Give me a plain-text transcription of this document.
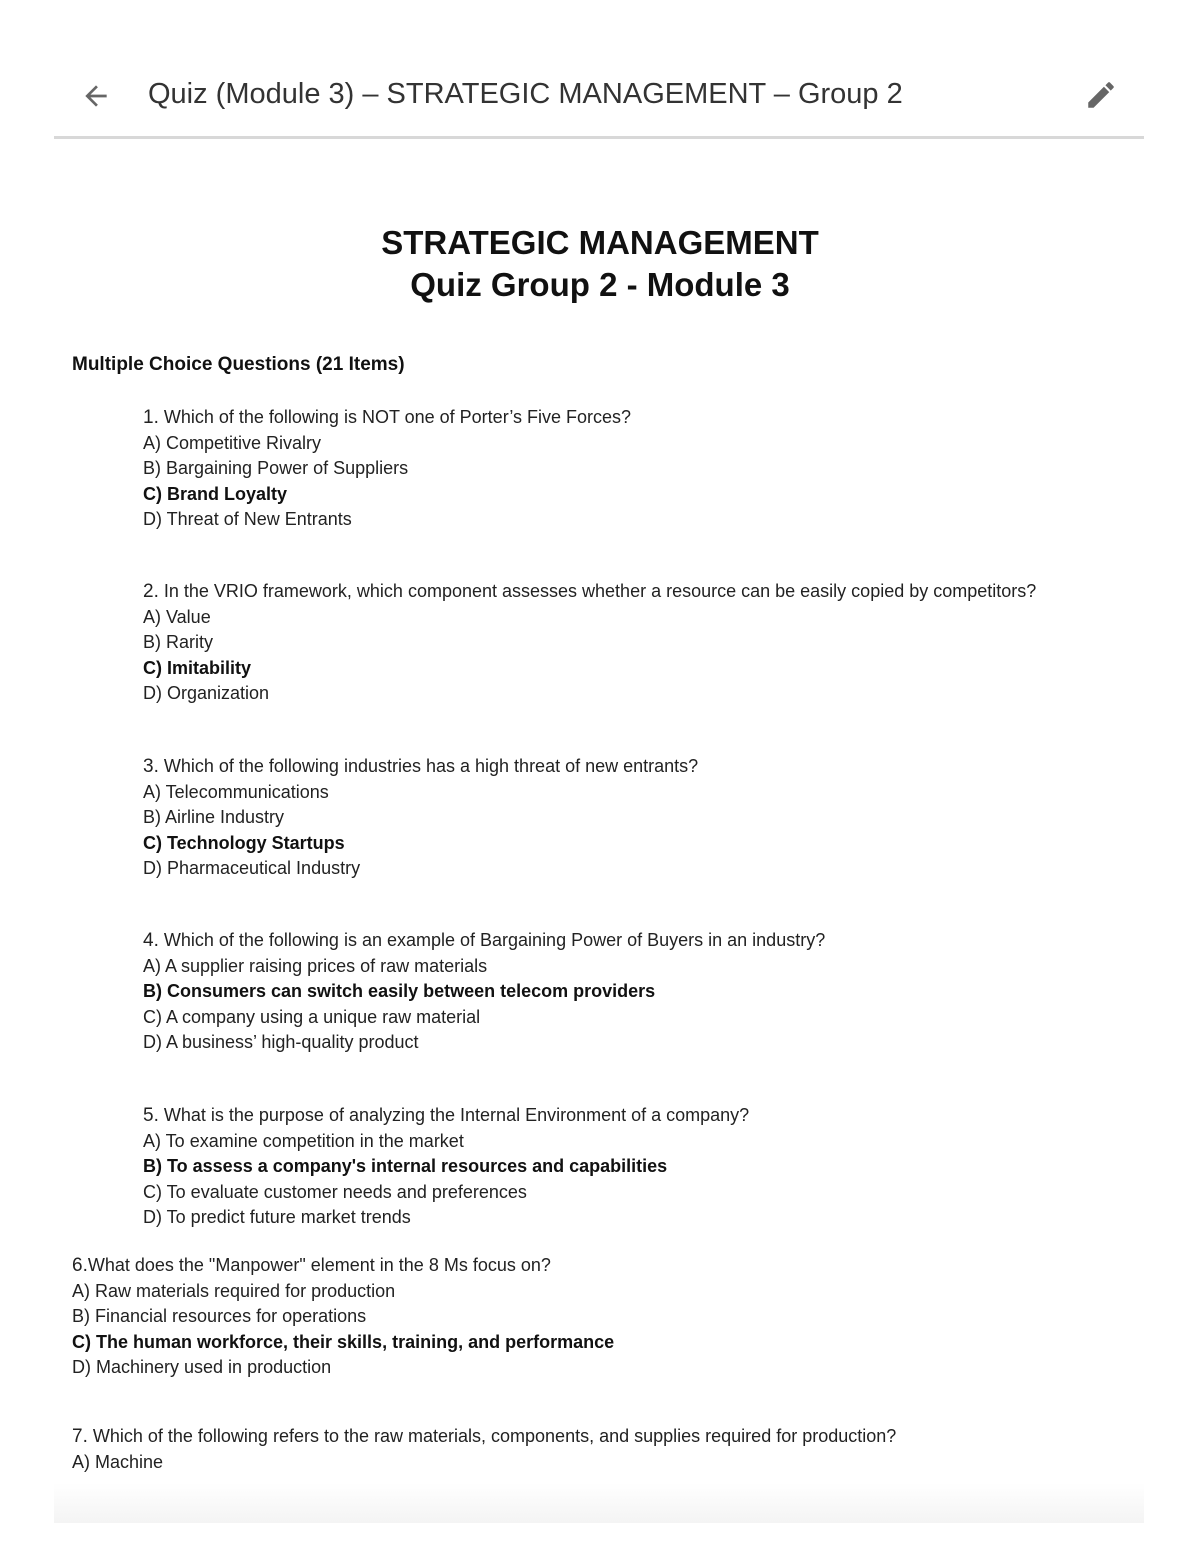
Quiz (Module 3) – STRATEGIC MANAGEMENT – Group 2
STRATEGIC MANAGEMENT
Quiz Group 2 - Module 3
Multiple Choice Questions (21 Items)
1. Which of the following is NOT one of Porter’s Five Forces?
A) Competitive Rivalry
B) Bargaining Power of Suppliers
C) Brand Loyalty
D) Threat of New Entrants
2. In the VRIO framework, which component assesses whether a resource can be easily copied by competitors?
A) Value
B) Rarity
C) Imitability
D) Organization
3. Which of the following industries has a high threat of new entrants?
A) Telecommunications
B) Airline Industry
C) Technology Startups
D) Pharmaceutical Industry
4. Which of the following is an example of Bargaining Power of Buyers in an industry?
A) A supplier raising prices of raw materials
B) Consumers can switch easily between telecom providers
C) A company using a unique raw material
D) A business’ high-quality product
5. What is the purpose of analyzing the Internal Environment of a company?
A) To examine competition in the market
B) To assess a company's internal resources and capabilities
C) To evaluate customer needs and preferences
D) To predict future market trends
6.What does the "Manpower" element in the 8 Ms focus on?
A) Raw materials required for production
B) Financial resources for operations
C) The human workforce, their skills, training, and performance
D) Machinery used in production
7. Which of the following refers to the raw materials, components, and supplies required for production?
A) Machine
